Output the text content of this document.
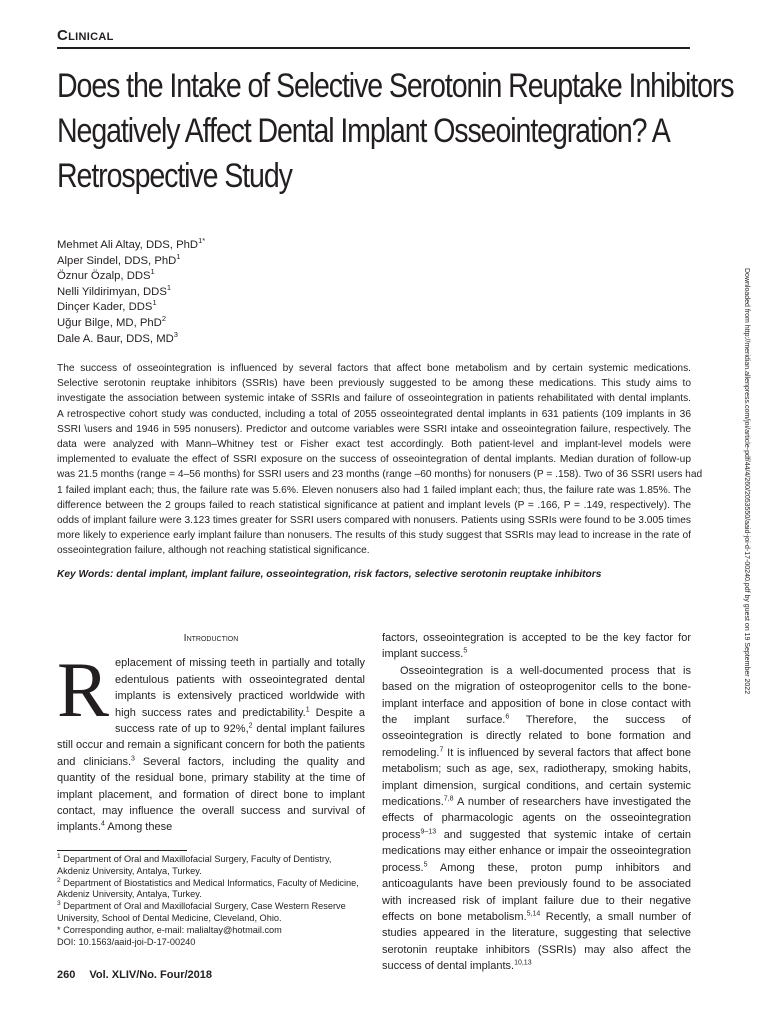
Clinical

Does the Intake of Selective Serotonin Reuptake Inhibitors
Negatively Affect Dental Implant Osseointegration? A
Retrospective Study
Mehmet Ali Altay, DDS, PhD$^{1*}$
Alper Sindel, DDS, PhD$^1$
Öznur Özalp, DDS$^1$
Nelli Yildirimyan, DDS$^1$
Dinçer Kader, DDS$^1$
Uğur Bilge, MD, PhD$^2$
Dale A. Baur, DDS, $MD^3$
The success of osseointegration is influenced by several factors that affect bone metabolism and by certain systemic medications.
Selective serotonin reuptake inhibitors (SSRIs) have been previously suggested to be among these medications. This study aims to
investigate the association between systemic intake of SSRIs and failure of osseointegration in patients rehabilitated with dental implants.
A retrospective cohort study was conducted, including a total of 2055 osseointegrated dental implants in 631 patients (109 implants in 36
SSRI \users and 1946 in 595 nonusers). Predictor and outcome variables were SSRI intake and osseointegration failure, respectively. The
data were analyzed with Mann–Whitney test or Fisher exact test accordingly. Both patient-level and implant-level models were
implemented to evaluate the effect of SSRI exposure on the success of osseointegration of dental implants. Median duration of follow-up
was 21.5 months (range = 4–56 months) for SSRI users and 23 months (range –60 months) for nonusers (P = .158). Two of 36 SSRI users had
1 failed implant each; thus, the failure rate was 5.6%. Eleven nonusers also had 1 failed implant each; thus, the failure rate was 1.85%. The
difference between the 2 groups failed to reach statistical significance at patient and implant levels (P = .166, P = .149, respectively). The
odds of implant failure were 3.123 times greater for SSRI users compared with nonusers. Patients using SSRIs were found to be 3.005 times
more likely to experience early implant failure than nonusers. The results of this study suggest that SSRIs may lead to increase in the rate of
osseointegration failure, although not reaching statistical significance.

Key Words: dental implant, implant failure, osseointegration, risk factors, selective serotonin reuptake inhibitors

Introduction

R eplacement of missing teeth in partially and totally edentulous patients with osseointegrated dental implants is extensively practiced worldwide with high success rates and predictability.$^1$ Despite a success rate of up to 92%,$^2$ dental implant failures still occur and remain a significant concern for both the patients and clinicians.$^3$ Several factors, including the quality and quantity of the residual bone, primary stability at the time of implant placement, and formation of direct bone to implant contact, may influence the overall success and survival of implants.$^4$ Among these

factors, osseointegration is accepted to be the key factor for implant success.$^5$

Osseointegration is a well-documented process that is based on the migration of osteoprogenitor cells to the bone-implant interface and apposition of bone in close contact with the implant surface.$^6$ Therefore, the success of osseointegration is directly related to bone formation and remodeling.$^7$ It is influenced by several factors that affect bone metabolism; such as age, sex, radiotherapy, smoking habits, implant dimension, surgical conditions, and certain systemic medications.$^{7,8}$ A number of researchers have investigated the effects of pharmacologic agents on the osseointegration process$^{9-13}$ and suggested that systemic intake of certain medications may either enhance or impair the osseointegration process.$^5$ Among these, proton pump inhibitors and anticoagulants have been previously found to be associated with increased risk of implant failure due to their negative effects on bone metabolism.$^{5,14}$ Recently, a small number of studies appeared in the literature, suggesting that selective serotonin reuptake inhibitors (SSRIs) may also affect the success of dental implants.$^{10,13}$

$^1$ Department of Oral and Maxillofacial Surgery, Faculty of Dentistry, Akdeniz University, Antalya, Turkey.

$^2$ Department of Biostatistics and Medical Informatics, Faculty of Medicine, Akdeniz University, Antalya, Turkey.

$^3$ Department of Oral and Maxillofacial Surgery, Case Western Reserve University, School of Dental Medicine, Cleveland, Ohio.

* Corresponding author, e-mail: malialtay@hotmail.com

DOI: 10.1563/aaid-joi-D-17-00240

260 Vol. XLIV/No. Four/2018

Downloaded from http://meridian.allenpress.com/joi/article-pdf/44/4/260/2053550/aaid-joi-d-17-00240.pdf by guest on 19 September 2022
